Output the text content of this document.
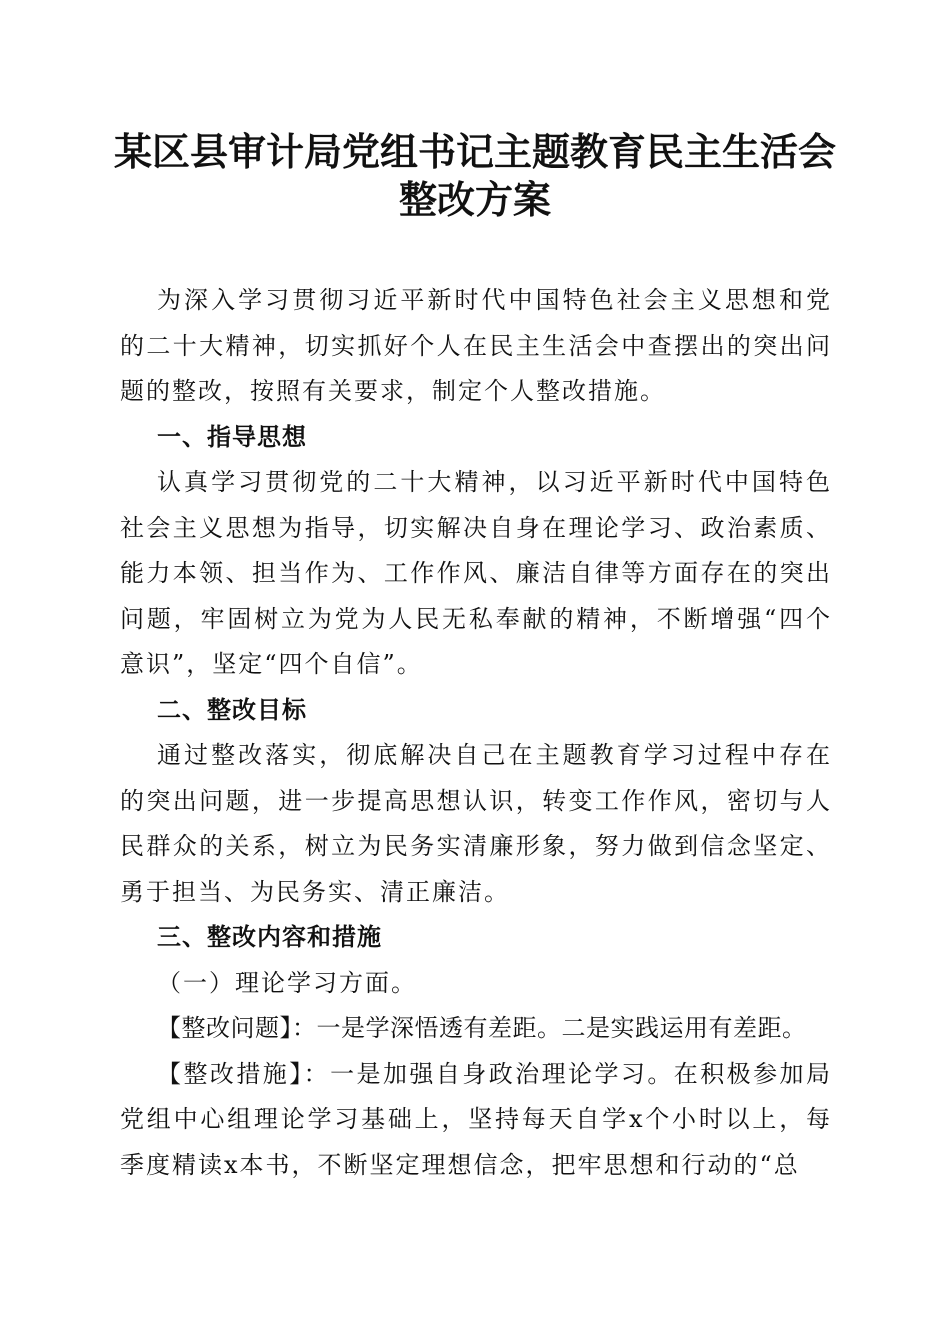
某区县审计局党组书记主题教育民主生活会整改方案

为深入学习贯彻习近平新时代中国特色社会主义思想和党的二十大精神，切实抓好个人在民主生活会中查摆出的突出问题的整改，按照有关要求，制定个人整改措施。

一、指导思想

认真学习贯彻党的二十大精神，以习近平新时代中国特色社会主义思想为指导，切实解决自身在理论学习、政治素质、能力本领、担当作为、工作作风、廉洁自律等方面存在的突出问题，牢固树立为党为人民无私奉献的精神，不断增强“四个意识”，坚定“四个自信”。

二、整改目标

通过整改落实，彻底解决自己在主题教育学习过程中存在的突出问题，进一步提高思想认识，转变工作作风，密切与人民群众的关系，树立为民务实清廉形象，努力做到信念坚定、勇于担当、为民务实、清正廉洁。

三、整改内容和措施

（一）理论学习方面。

【整改问题】：一是学深悟透有差距。二是实践运用有差距。

【整改措施】：一是加强自身政治理论学习。在积极参加局党组中心组理论学习基础上，坚持每天自学x个小时以上，每季度精读x本书，不断坚定理想信念，把牢思想和行动的“总
